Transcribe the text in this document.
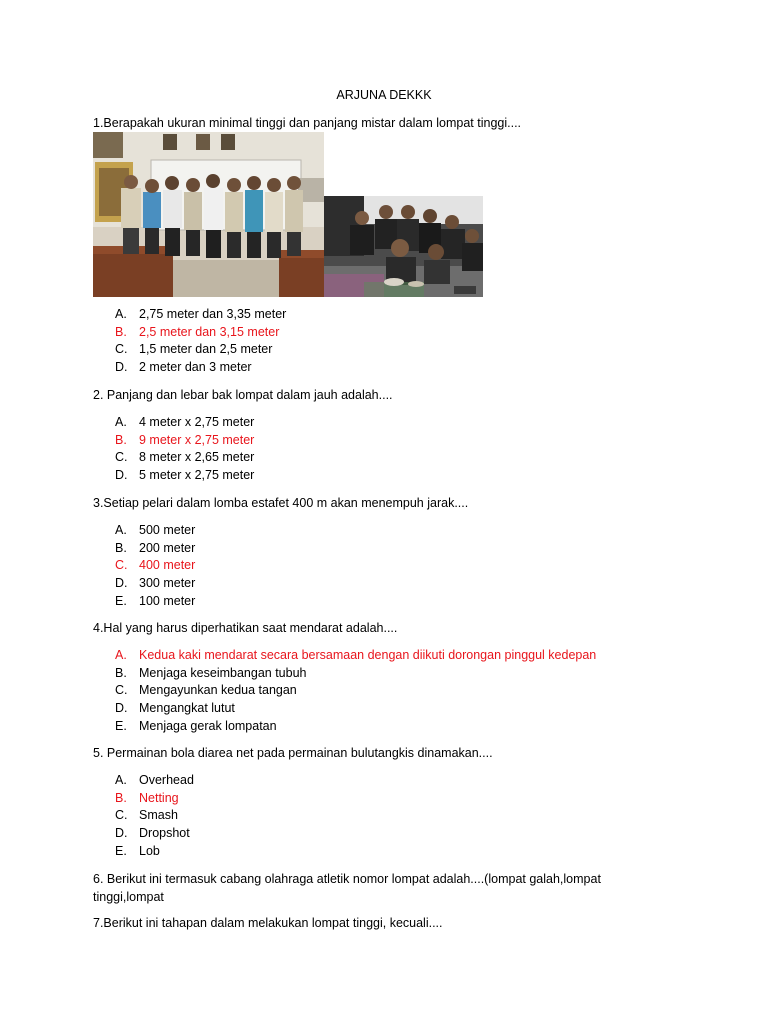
ARJUNA DEKKK
1.Berapakah ukuran minimal tinggi dan panjang mistar dalam lompat tinggi....
A. 2,75 meter dan 3,35 meter
B. 2,5 meter dan 3,15 meter
C. 1,5 meter dan 2,5 meter
D. 2 meter dan 3 meter
2. Panjang dan lebar bak lompat dalam jauh adalah....
A. 4 meter x 2,75 meter
B. 9 meter x 2,75 meter
C. 8 meter x 2,65 meter
D. 5 meter x 2,75 meter
3.Setiap pelari dalam lomba estafet 400 m akan menempuh jarak....
A. 500 meter
B. 200 meter
C. 400 meter
D. 300 meter
E. 100 meter
4.Hal yang harus diperhatikan saat mendarat adalah....
A. Kedua kaki mendarat secara bersamaan dengan diikuti dorongan pinggul kedepan
B. Menjaga keseimbangan tubuh
C. Mengayunkan kedua tangan
D. Mengangkat lutut
E. Menjaga gerak lompatan
5. Permainan bola diarea net pada permainan bulutangkis dinamakan....
A. Overhead
B. Netting
C. Smash
D. Dropshot
E. Lob
6. Berikut ini termasuk cabang olahraga atletik nomor lompat adalah....(lompat galah,lompat tinggi,lompat
7.Berikut ini tahapan dalam melakukan lompat tinggi, kecuali....
